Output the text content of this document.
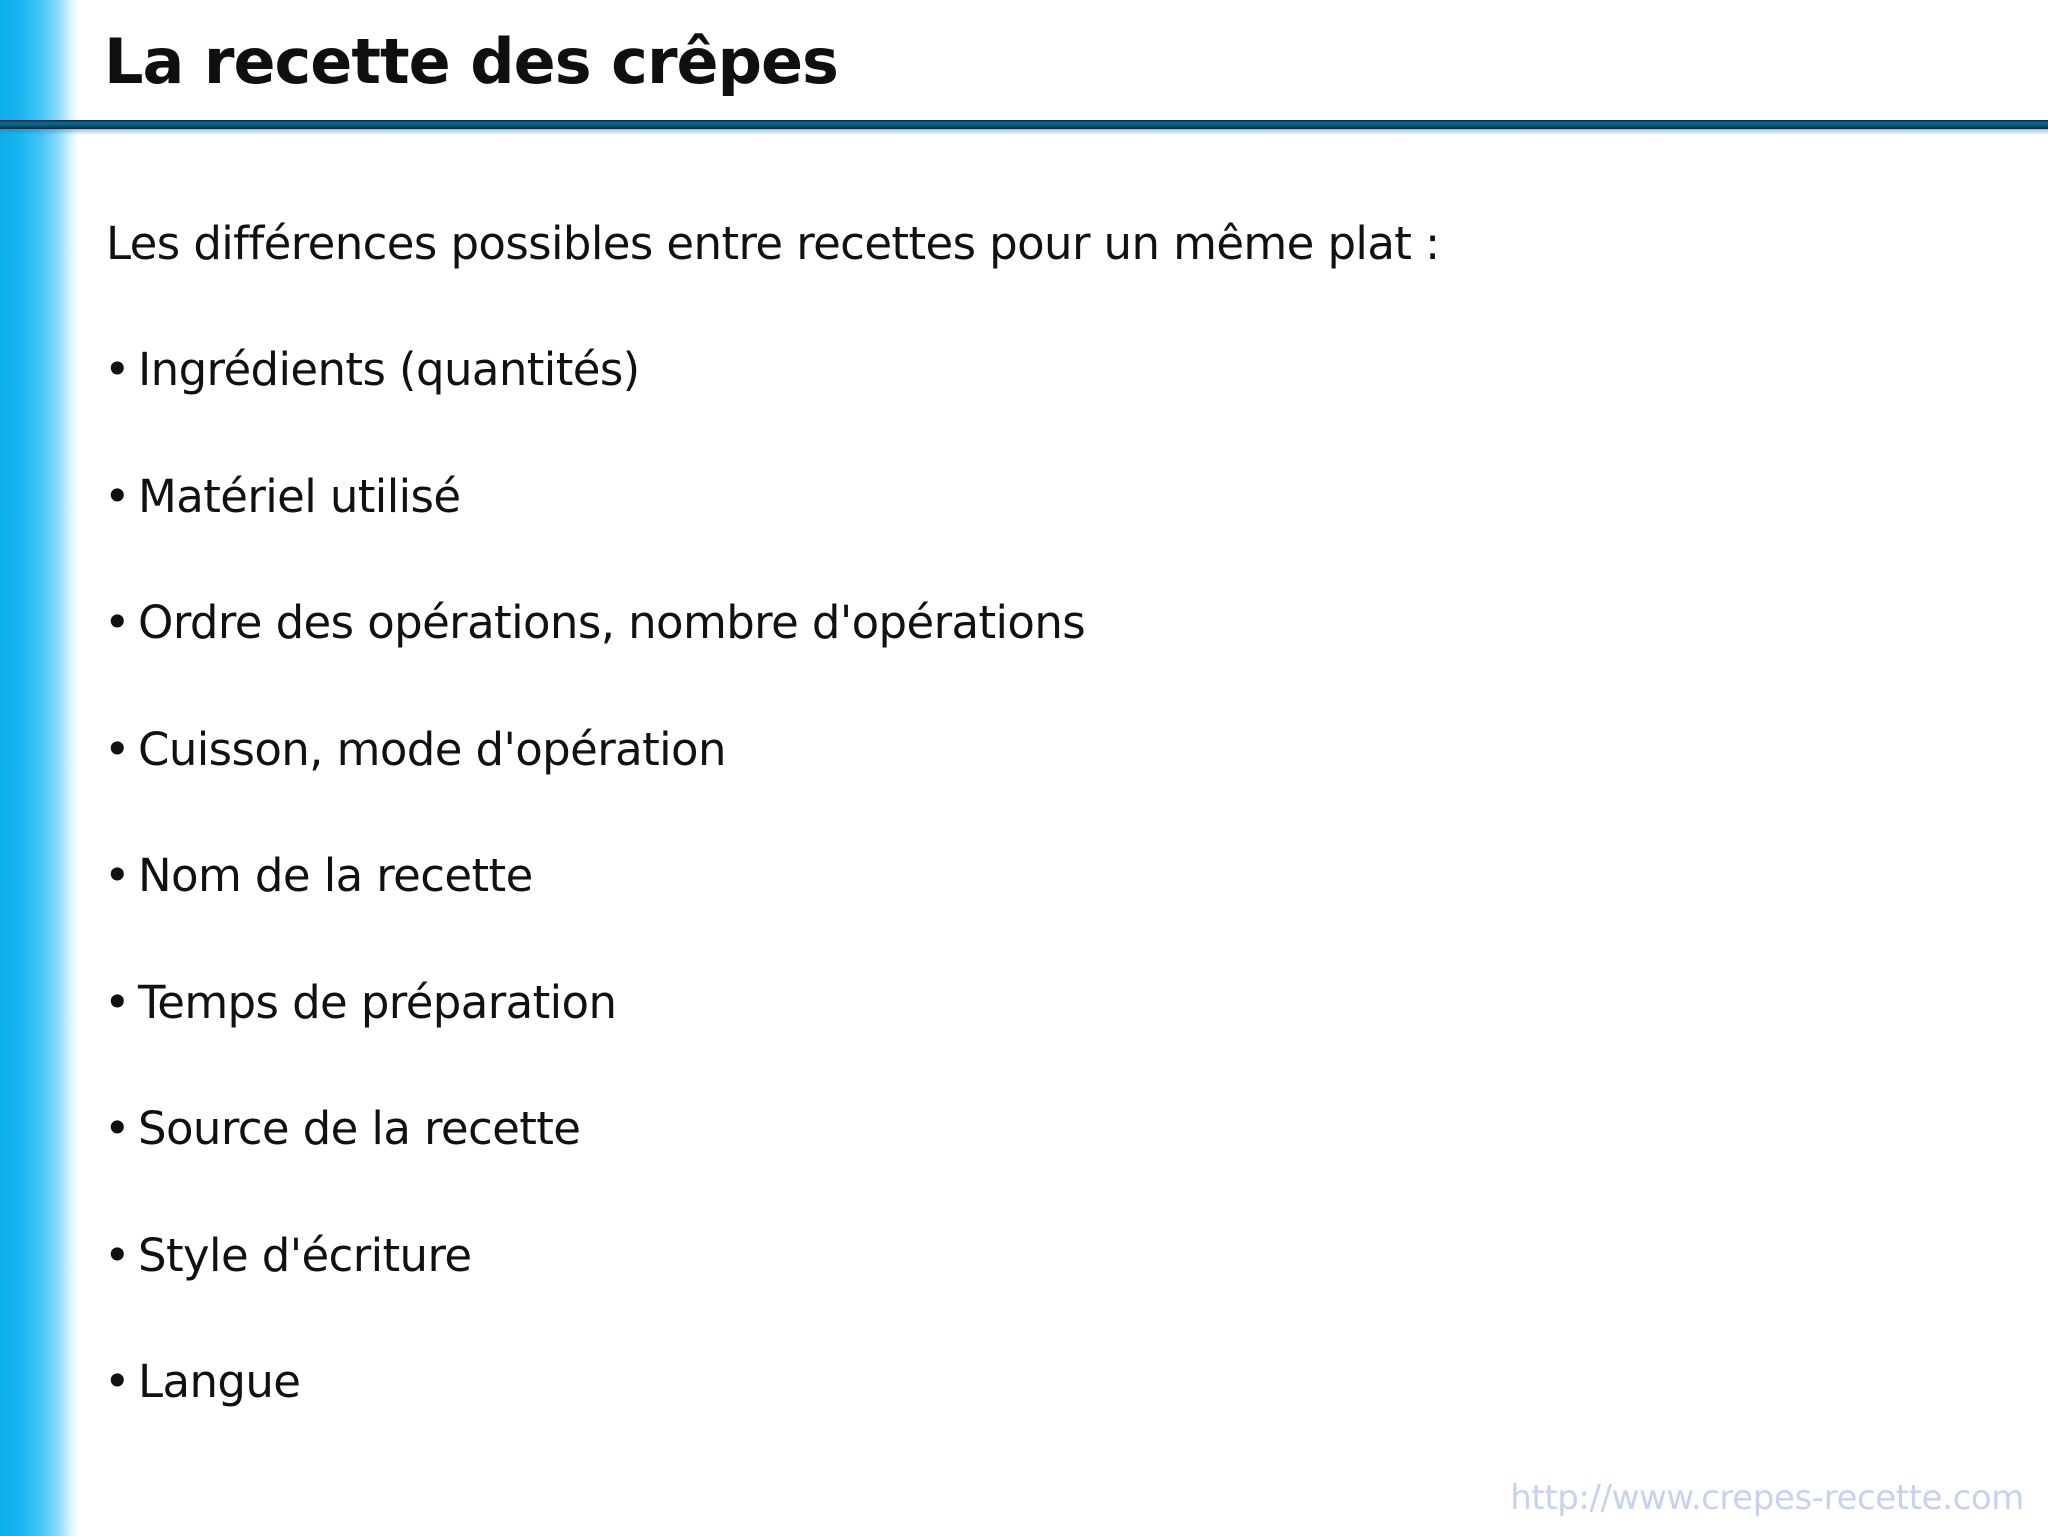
La recette des crêpes

Les différences possibles entre recettes pour un même plat :

• Ingrédients (quantités)
• Matériel utilisé
• Ordre des opérations, nombre d'opérations
• Cuisson, mode d'opération
• Nom de la recette
• Temps de préparation
• Source de la recette
• Style d'écriture
• Langue
http://www.crepes-recette.com
